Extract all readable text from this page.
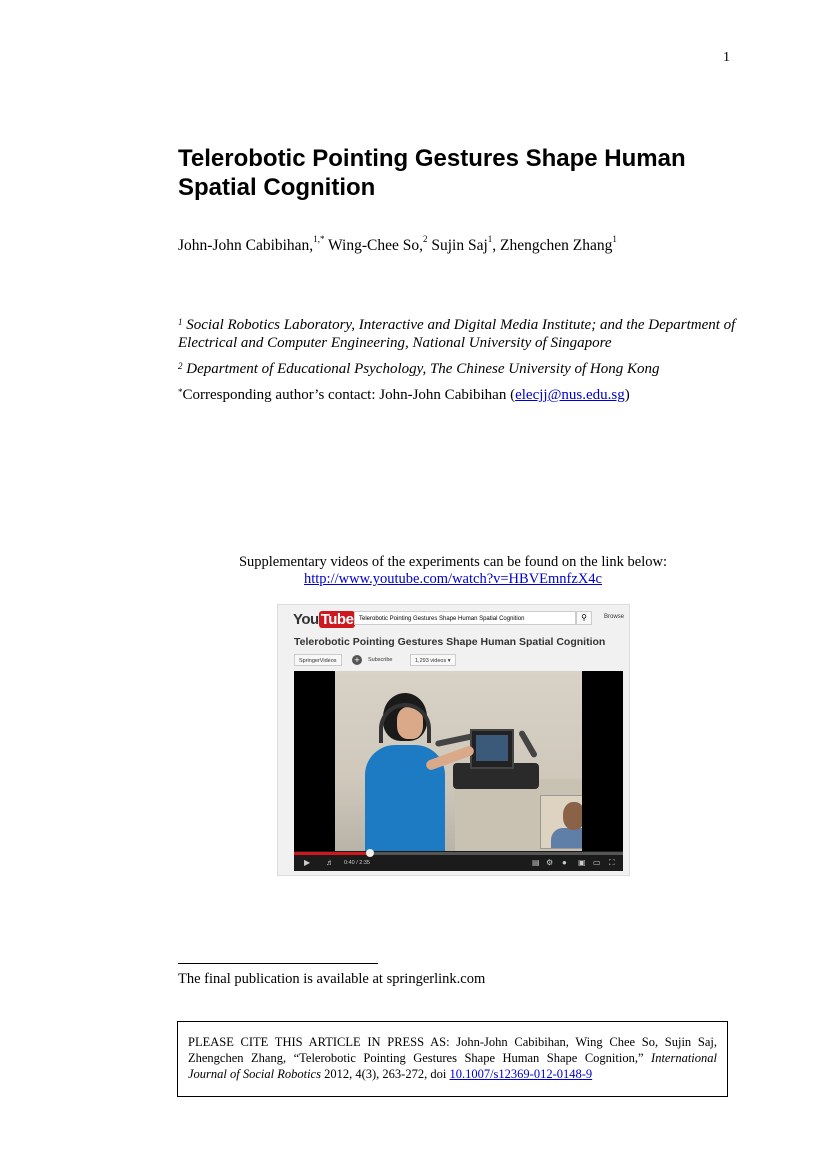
1
Telerobotic Pointing Gestures Shape Human Spatial Cognition
John-John Cabibihan,$^{1,*}$ Wing-Chee So,$^2$ Sujin Saj$^1$, Zhengchen Zhang$^1$
$^1$ Social Robotics Laboratory, Interactive and Digital Media Institute; and the Department of Electrical and Computer Engineering, National University of Singapore
$^2$ Department of Educational Psychology, The Chinese University of Hong Kong
*Corresponding author’s contact: John-John Cabibihan (elecjj@nus.edu.sg)
Supplementary videos of the experiments can be found on the link below:
http://www.youtube.com/watch?v=HBVEmnfzX4c
You Tube Telerobotic Pointing Gestures Shape Human Spatial Cognition	⚲	Browse
Telerobotic Pointing Gestures Shape Human Spatial Cognition
SpringerVideos	+	Subscribe	1,293 videos ▾
▶ ♬ 0:40 / 2:35	▤ ⚙ ● ▣ ▭ ⛶
The final publication is available at springerlink.com
PLEASE CITE THIS ARTICLE IN PRESS AS: John-John Cabibihan, Wing Chee So, Sujin Saj, Zhengchen Zhang, “Telerobotic Pointing Gestures Shape Human Shape Cognition,” International Journal of Social Robotics 2012, 4(3), 263-272, doi 10.1007/s12369-012-0148-9
